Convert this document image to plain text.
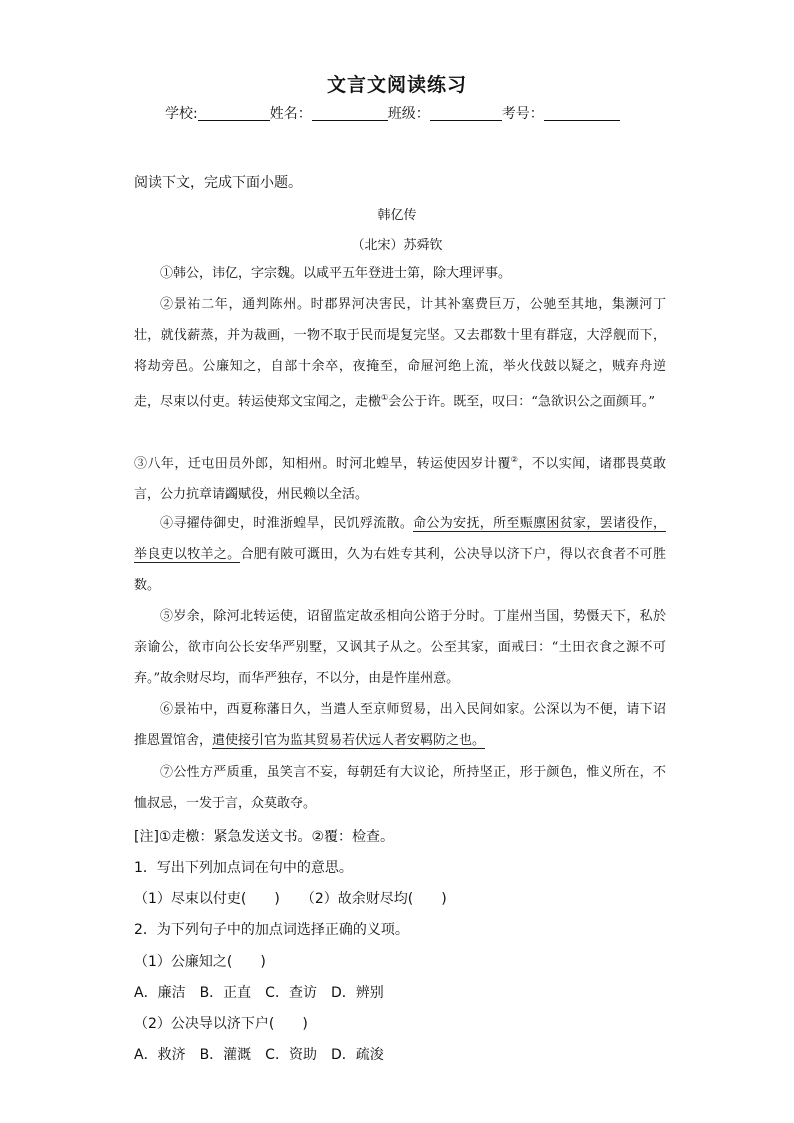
文言文阅读练习
学校:	姓名：	班级：	考号：
阅读下文，完成下面小题。
韩亿传
（北宋）苏舜钦
①韩公，讳亿，字宗魏。以咸平五年登进士第，除大理评事。
②景祐二年，通判陈州。时郡界河决害民，计其补塞费巨万，公驰至其地，集濒河丁壮，就伐薪蒸，并为裁画，一物不取于民而堤复完坚。又去郡数十里有群寇，大浮舰而下，将劫旁邑。公廉知之，自部十余卒，夜掩至，命屉河绝上流，举火伐鼓以疑之，贼弃舟逆走，尽束以付吏。转运使郑文宝闻之，走檄①会公于许。既至，叹曰：“急欲识公之面颜耳。”
③八年，迁屯田员外郎，知相州。时河北蝗旱，转运使因岁计覆②，不以实闻，诸郡畏莫敢言，公力抗章请蠲赋役，州民赖以全活。
④寻擢侍御史，时淮浙蝗旱，民饥殍流散。命公为安抚，所至赈廪困贫家，罢诸役作，举良吏以牧羊之。合肥有陂可溉田，久为右姓专其利，公决导以济下户，得以衣食者不可胜数。
⑤岁余，除河北转运使，诏留监定故丞相向公谘于分时。丁崖州当国，势慑天下，私於亲谕公，欲市向公长安华严别墅，又讽其子从之。公至其家，面戒曰：“土田衣食之源不可弃。”故余财尽均，而华严独存，不以分，由是忤崖州意。
⑥景祐中，西夏称藩日久，当遣人至京师贸易，出入民间如家。公深以为不便，请下诏推恩置馆舍，遣使接引官为监其贸易若伏远人者安羁防之也。
⑦公性方严质重，虽笑言不妄，每朝廷有大议论，所持坚正，形于颜色，惟义所在，不恤叔忌，一发于言，众莫敢夺。
[注]①走檄：紧急发送文书。②覆：检查。
1．写出下列加点词在句中的意思。
（1）尽束以付吏(　　)　　（2）故余财尽均(　　)
2．为下列句子中的加点词选择正确的义项。
（1）公廉知之(　　)
A．廉洁　B．正直　C．查访　D．辨别
（2）公决导以济下户(　　)
A．救济　B．灌溉　C．资助　D．疏浚
